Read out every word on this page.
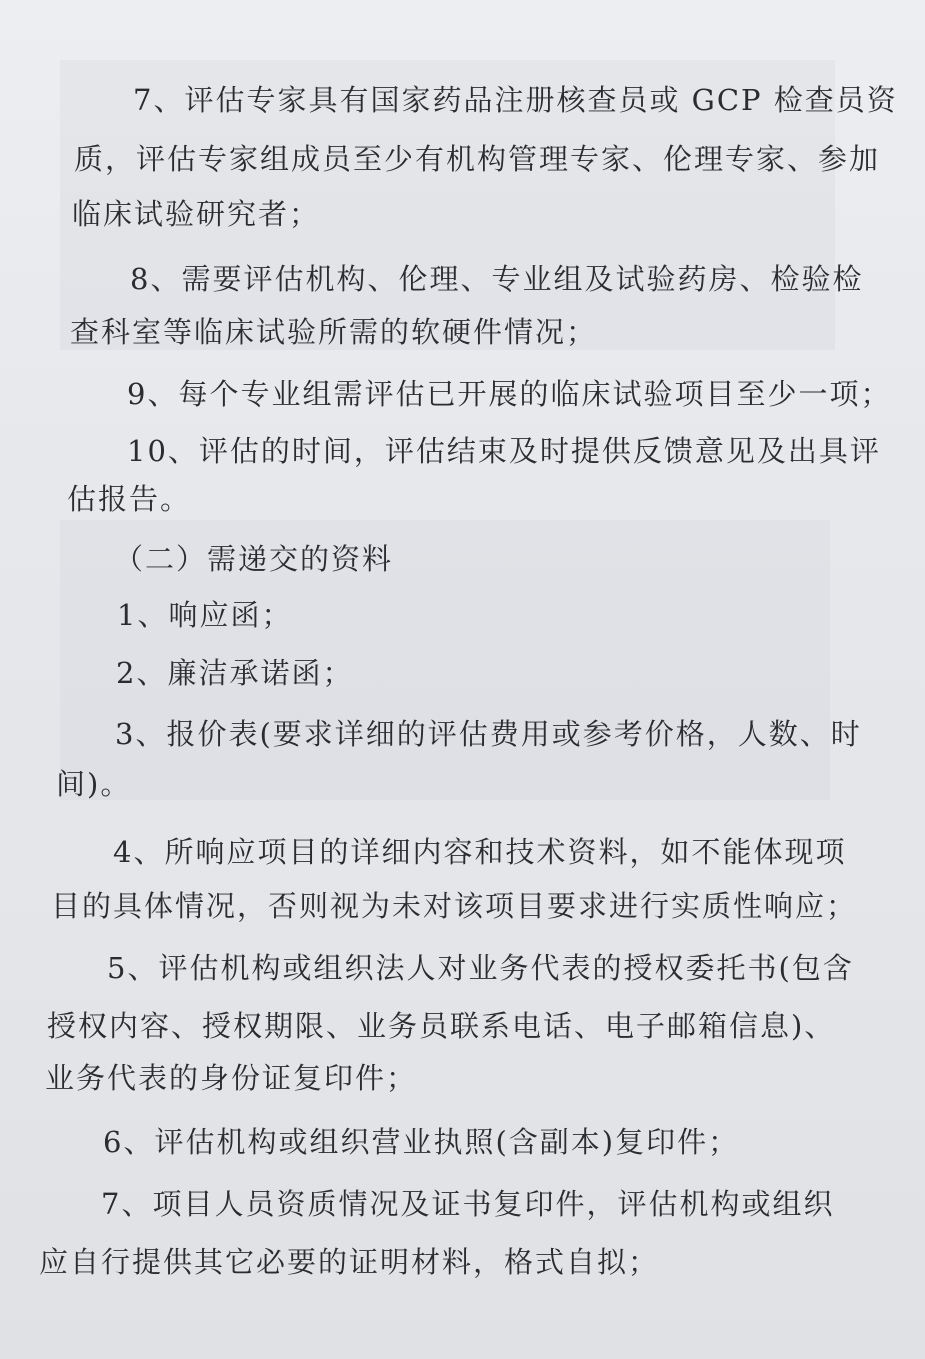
7、评估专家具有国家药品注册核查员或 GCP 检查员资
质，评估专家组成员至少有机构管理专家、伦理专家、参加
临床试验研究者；
8、需要评估机构、伦理、专业组及试验药房、检验检
查科室等临床试验所需的软硬件情况；
9、每个专业组需评估已开展的临床试验项目至少一项；
10、评估的时间，评估结束及时提供反馈意见及出具评
估报告。
（二）需递交的资料
1、响应函；
2、廉洁承诺函；
3、报价表(要求详细的评估费用或参考价格，人数、时
间)。
4、所响应项目的详细内容和技术资料，如不能体现项
目的具体情况，否则视为未对该项目要求进行实质性响应；
5、评估机构或组织法人对业务代表的授权委托书(包含
授权内容、授权期限、业务员联系电话、电子邮箱信息)、
业务代表的身份证复印件；
6、评估机构或组织营业执照(含副本)复印件；
7、项目人员资质情况及证书复印件，评估机构或组织
应自行提供其它必要的证明材料，格式自拟；
